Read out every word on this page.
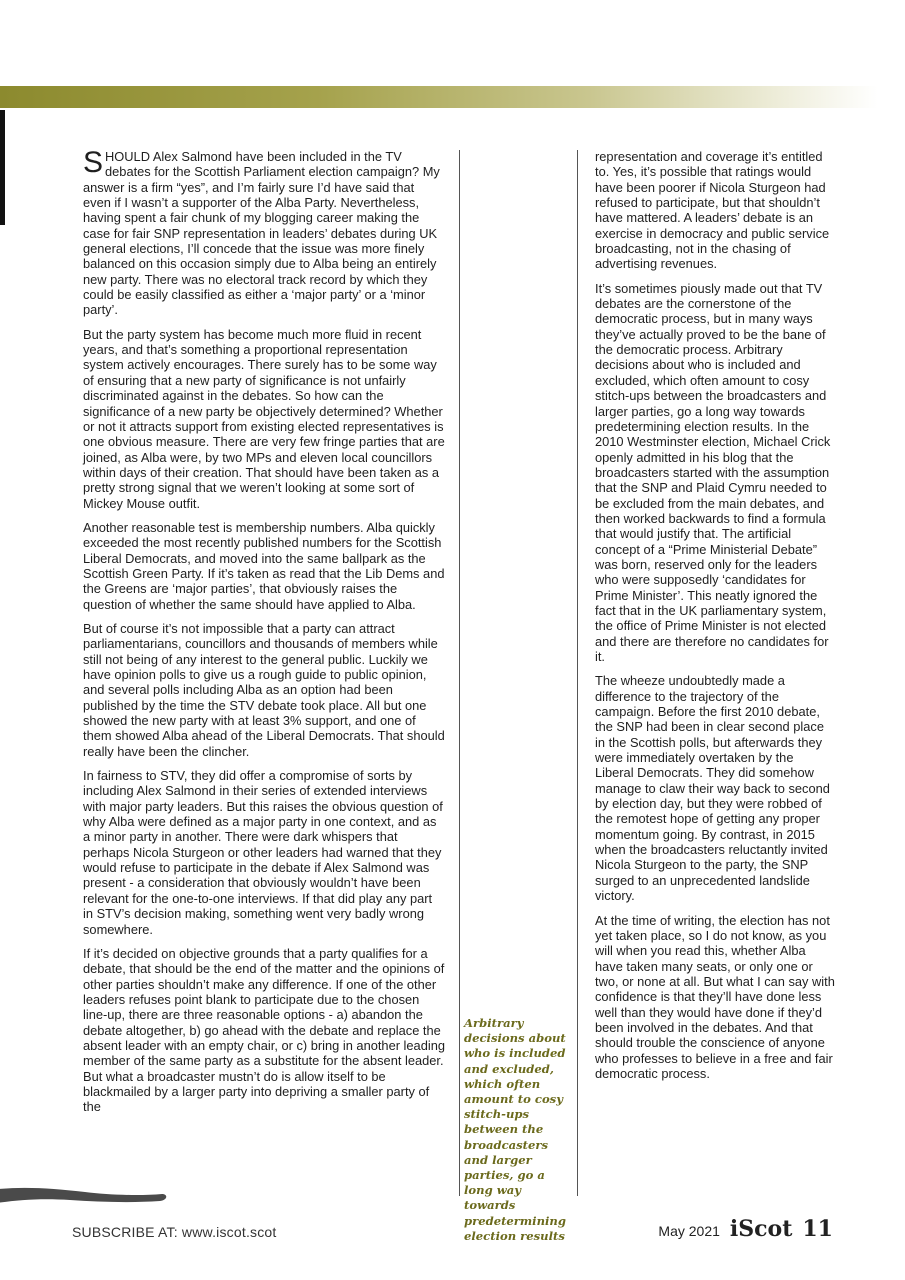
SHOULD Alex Salmond have been included in the TV debates for the Scottish Parliament election campaign? My answer is a firm “yes”, and I’m fairly sure I’d have said that even if I wasn’t a supporter of the Alba Party. Nevertheless, having spent a fair chunk of my blogging career making the case for fair SNP representation in leaders’ debates during UK general elections, I’ll concede that the issue was more finely balanced on this occasion simply due to Alba being an entirely new party. There was no electoral track record by which they could be easily classified as either a ‘major party’ or a ‘minor party’.

But the party system has become much more fluid in recent years, and that’s something a proportional representation system actively encourages. There surely has to be some way of ensuring that a new party of significance is not unfairly discriminated against in the debates. So how can the significance of a new party be objectively determined? Whether or not it attracts support from existing elected representatives is one obvious measure. There are very few fringe parties that are joined, as Alba were, by two MPs and eleven local councillors within days of their creation. That should have been taken as a pretty strong signal that we weren’t looking at some sort of Mickey Mouse outfit.

Another reasonable test is membership numbers. Alba quickly exceeded the most recently published numbers for the Scottish Liberal Democrats, and moved into the same ballpark as the Scottish Green Party. If it’s taken as read that the Lib Dems and the Greens are ‘major parties’, that obviously raises the question of whether the same should have applied to Alba.

But of course it’s not impossible that a party can attract parliamentarians, councillors and thousands of members while still not being of any interest to the general public. Luckily we have opinion polls to give us a rough guide to public opinion, and several polls including Alba as an option had been published by the time the STV debate took place. All but one showed the new party with at least 3% support, and one of them showed Alba ahead of the Liberal Democrats. That should really have been the clincher.

In fairness to STV, they did offer a compromise of sorts by including Alex Salmond in their series of extended interviews with major party leaders. But this raises the obvious question of why Alba were defined as a major party in one context, and as a minor party in another. There were dark whispers that perhaps Nicola Sturgeon or other leaders had warned that they would refuse to participate in the debate if Alex Salmond was present - a consideration that obviously wouldn’t have been relevant for the one-to-one interviews. If that did play any part in STV’s decision making, something went very badly wrong somewhere.

If it’s decided on objective grounds that a party qualifies for a debate, that should be the end of the matter and the opinions of other parties shouldn’t make any difference. If one of the other leaders refuses point blank to participate due to the chosen line-up, there are three reasonable options - a) abandon the debate altogether, b) go ahead with the debate and replace the absent leader with an empty chair, or c) bring in another leading member of the same party as a substitute for the absent leader. But what a broadcaster mustn’t do is allow itself to be blackmailed by a larger party into depriving a smaller party of the

Arbitrary decisions about who is included and excluded, which often amount to cosy stitch-ups between the broadcasters and larger parties, go a long way towards predetermining election results

representation and coverage it’s entitled to. Yes, it’s possible that ratings would have been poorer if Nicola Sturgeon had refused to participate, but that shouldn’t have mattered. A leaders’ debate is an exercise in democracy and public service broadcasting, not in the chasing of advertising revenues.

It’s sometimes piously made out that TV debates are the cornerstone of the democratic process, but in many ways they’ve actually proved to be the bane of the democratic process. Arbitrary decisions about who is included and excluded, which often amount to cosy stitch-ups between the broadcasters and larger parties, go a long way towards predetermining election results. In the 2010 Westminster election, Michael Crick openly admitted in his blog that the broadcasters started with the assumption that the SNP and Plaid Cymru needed to be excluded from the main debates, and then worked backwards to find a formula that would justify that. The artificial concept of a “Prime Ministerial Debate” was born, reserved only for the leaders who were supposedly ‘candidates for Prime Minister’. This neatly ignored the fact that in the UK parliamentary system, the office of Prime Minister is not elected and there are therefore no candidates for it.

The wheeze undoubtedly made a difference to the trajectory of the campaign. Before the first 2010 debate, the SNP had been in clear second place in the Scottish polls, but afterwards they were immediately overtaken by the Liberal Democrats. They did somehow manage to claw their way back to second by election day, but they were robbed of the remotest hope of getting any proper momentum going. By contrast, in 2015 when the broadcasters reluctantly invited Nicola Sturgeon to the party, the SNP surged to an unprecedented landslide victory.

At the time of writing, the election has not yet taken place, so I do not know, as you will when you read this, whether Alba have taken many seats, or only one or two, or none at all. But what I can say with confidence is that they’ll have done less well than they would have done if they’d been involved in the debates. And that should trouble the conscience of anyone who professes to believe in a free and fair democratic process.

SUBSCRIBE AT: www.iscot.scot	May 2021 iScot 11
